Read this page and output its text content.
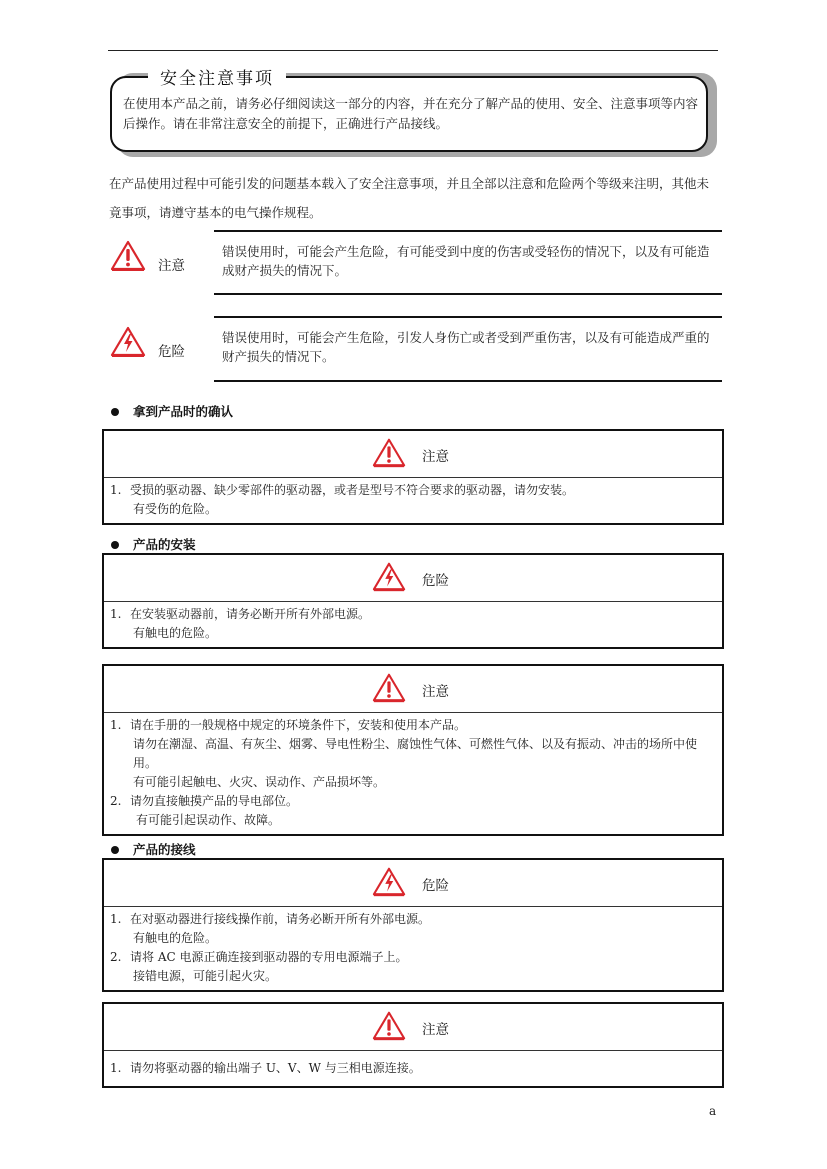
安全注意事项
在使用本产品之前，请务必仔细阅读这一部分的内容，并在充分了解产品的使用、安全、注意事项等内容后操作。请在非常注意安全的前提下，正确进行产品接线。
在产品使用过程中可能引发的问题基本载入了安全注意事项，并且全部以注意和危险两个等级来注明，其他未竟事项，请遵守基本的电气操作规程。
注意
错误使用时，可能会产生危险，有可能受到中度的伤害或受轻伤的情况下，以及有可能造成财产损失的情况下。
危险
错误使用时，可能会产生危险，引发人身伤亡或者受到严重伤害，以及有可能造成严重的财产损失的情况下。
拿到产品时的确认
注意
1. 受损的驱动器、缺少零部件的驱动器，或者是型号不符合要求的驱动器，请勿安装。
有受伤的危险。
产品的安装
危险
1. 在安装驱动器前，请务必断开所有外部电源。
有触电的危险。
注意
1. 请在手册的一般规格中规定的环境条件下，安装和使用本产品。
请勿在潮湿、高温、有灰尘、烟雾、导电性粉尘、腐蚀性气体、可燃性气体、以及有振动、冲击的场所中使用。
有可能引起触电、火灾、误动作、产品损坏等。
2. 请勿直接触摸产品的导电部位。
有可能引起误动作、故障。
产品的接线
危险
1. 在对驱动器进行接线操作前，请务必断开所有外部电源。
有触电的危险。
2. 请将 AC 电源正确连接到驱动器的专用电源端子上。
接错电源，可能引起火灾。
注意
1. 请勿将驱动器的输出端子 U、V、W 与三相电源连接。
a
